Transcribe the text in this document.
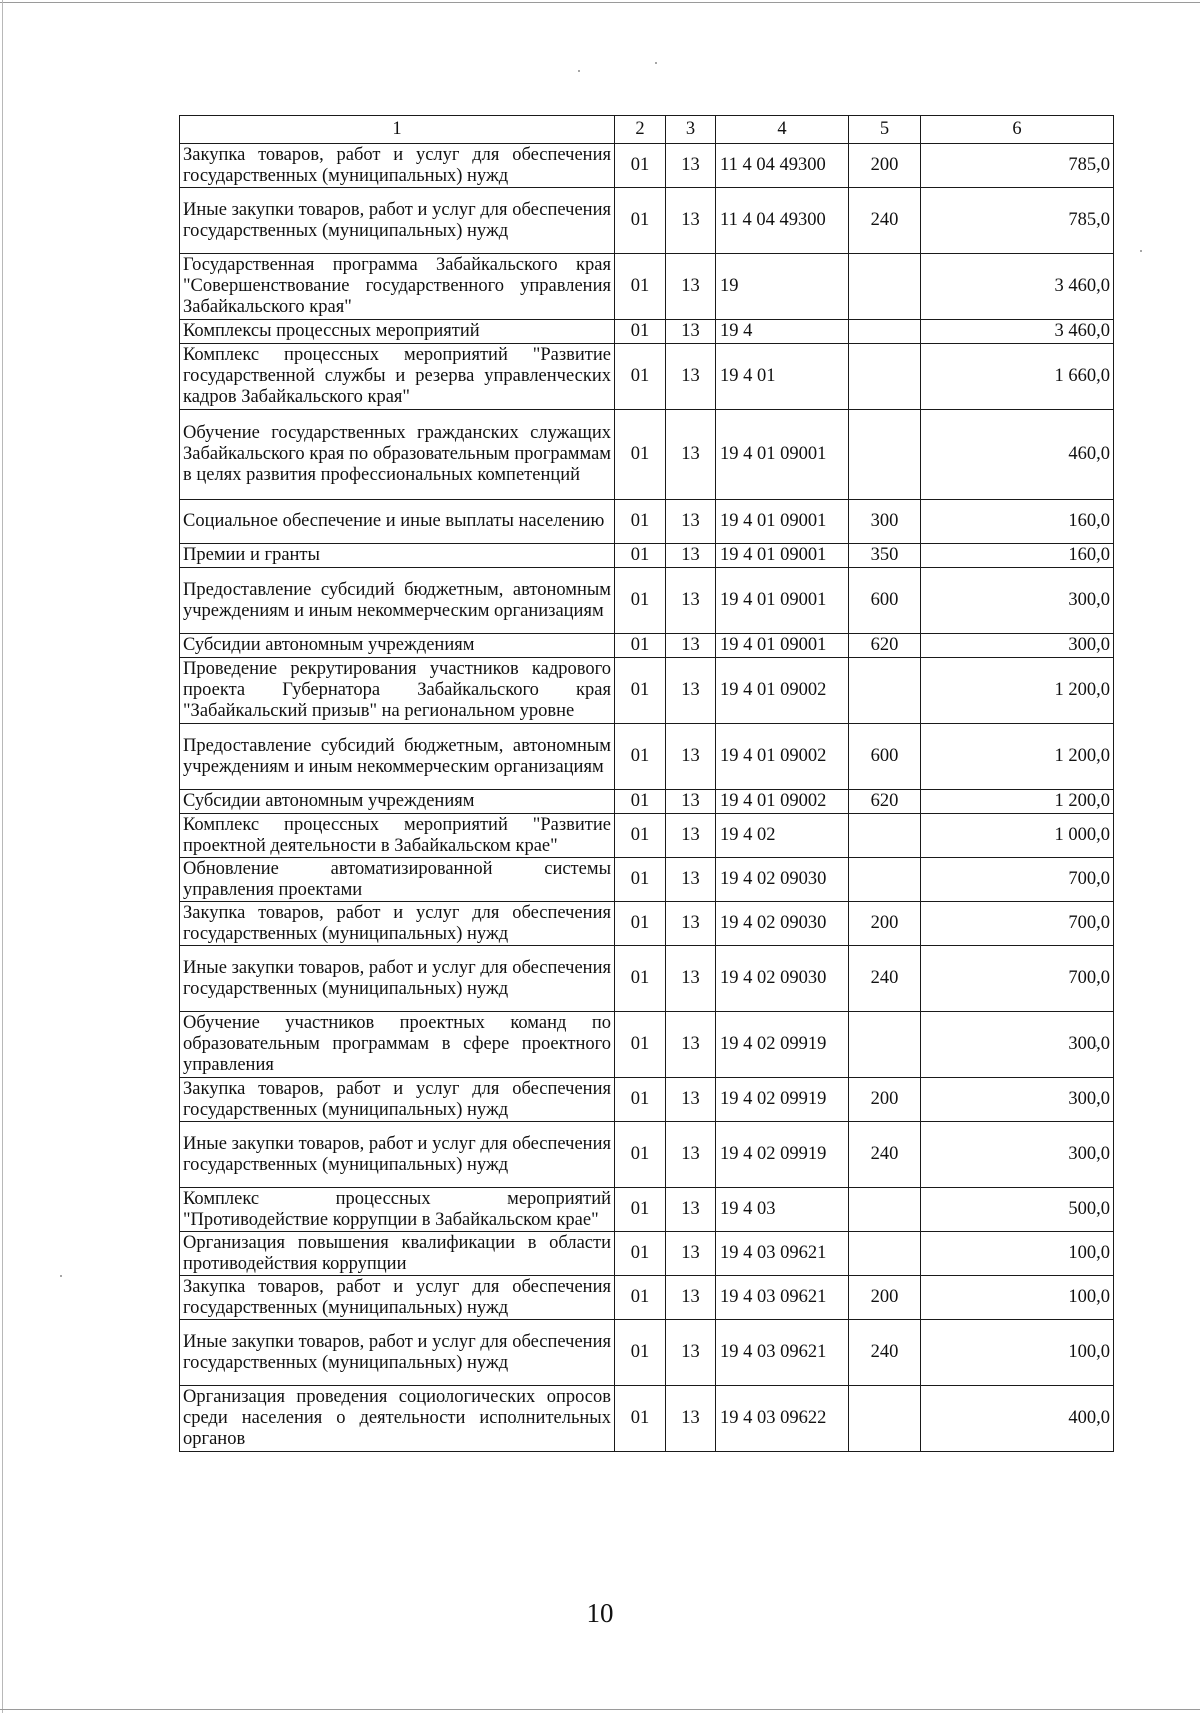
1	2	3	4	5	6
Закупка товаров, работ и услуг для обеспечения государственных (муниципальных) нужд	01	13	11 4 04 49300	200	785,0
Иные закупки товаров, работ и услуг для обеспечения государственных (муниципальных) нужд	01	13	11 4 04 49300	240	785,0
Государственная программа Забайкальского края "Совершенствование государственного управления Забайкальского края"	01	13	19		3 460,0
Комплексы процессных мероприятий	01	13	19 4		3 460,0
Комплекс процессных мероприятий "Развитие государственной службы и резерва управленческих кадров Забайкальского края"	01	13	19 4 01		1 660,0
Обучение государственных гражданских служащих Забайкальского края по образовательным программам в целях развития профессиональных компетенций	01	13	19 4 01 09001		460,0
Социальное обеспечение и иные выплаты населению	01	13	19 4 01 09001	300	160,0
Премии и гранты	01	13	19 4 01 09001	350	160,0
Предоставление субсидий бюджетным, автономным учреждениям и иным некоммерческим организациям	01	13	19 4 01 09001	600	300,0
Субсидии автономным учреждениям	01	13	19 4 01 09001	620	300,0
Проведение рекрутирования участников кадрового проекта Губернатора Забайкальского края "Забайкальский призыв" на региональном уровне	01	13	19 4 01 09002		1 200,0
Предоставление субсидий бюджетным, автономным учреждениям и иным некоммерческим организациям	01	13	19 4 01 09002	600	1 200,0
Субсидии автономным учреждениям	01	13	19 4 01 09002	620	1 200,0
Комплекс процессных мероприятий "Развитие проектной деятельности в Забайкальском крае"	01	13	19 4 02		1 000,0
Обновление автоматизированной системы управления проектами	01	13	19 4 02 09030		700,0
Закупка товаров, работ и услуг для обеспечения государственных (муниципальных) нужд	01	13	19 4 02 09030	200	700,0
Иные закупки товаров, работ и услуг для обеспечения государственных (муниципальных) нужд	01	13	19 4 02 09030	240	700,0
Обучение участников проектных команд по образовательным программам в сфере проектного управления	01	13	19 4 02 09919		300,0
Закупка товаров, работ и услуг для обеспечения государственных (муниципальных) нужд	01	13	19 4 02 09919	200	300,0
Иные закупки товаров, работ и услуг для обеспечения государственных (муниципальных) нужд	01	13	19 4 02 09919	240	300,0
Комплекс процессных мероприятий "Противодействие коррупции в Забайкальском крае"	01	13	19 4 03		500,0
Организация повышения квалификации в области противодействия коррупции	01	13	19 4 03 09621		100,0
Закупка товаров, работ и услуг для обеспечения государственных (муниципальных) нужд	01	13	19 4 03 09621	200	100,0
Иные закупки товаров, работ и услуг для обеспечения государственных (муниципальных) нужд	01	13	19 4 03 09621	240	100,0
Организация проведения социологических опросов среди населения о деятельности исполнительных органов	01	13	19 4 03 09622		400,0
10
